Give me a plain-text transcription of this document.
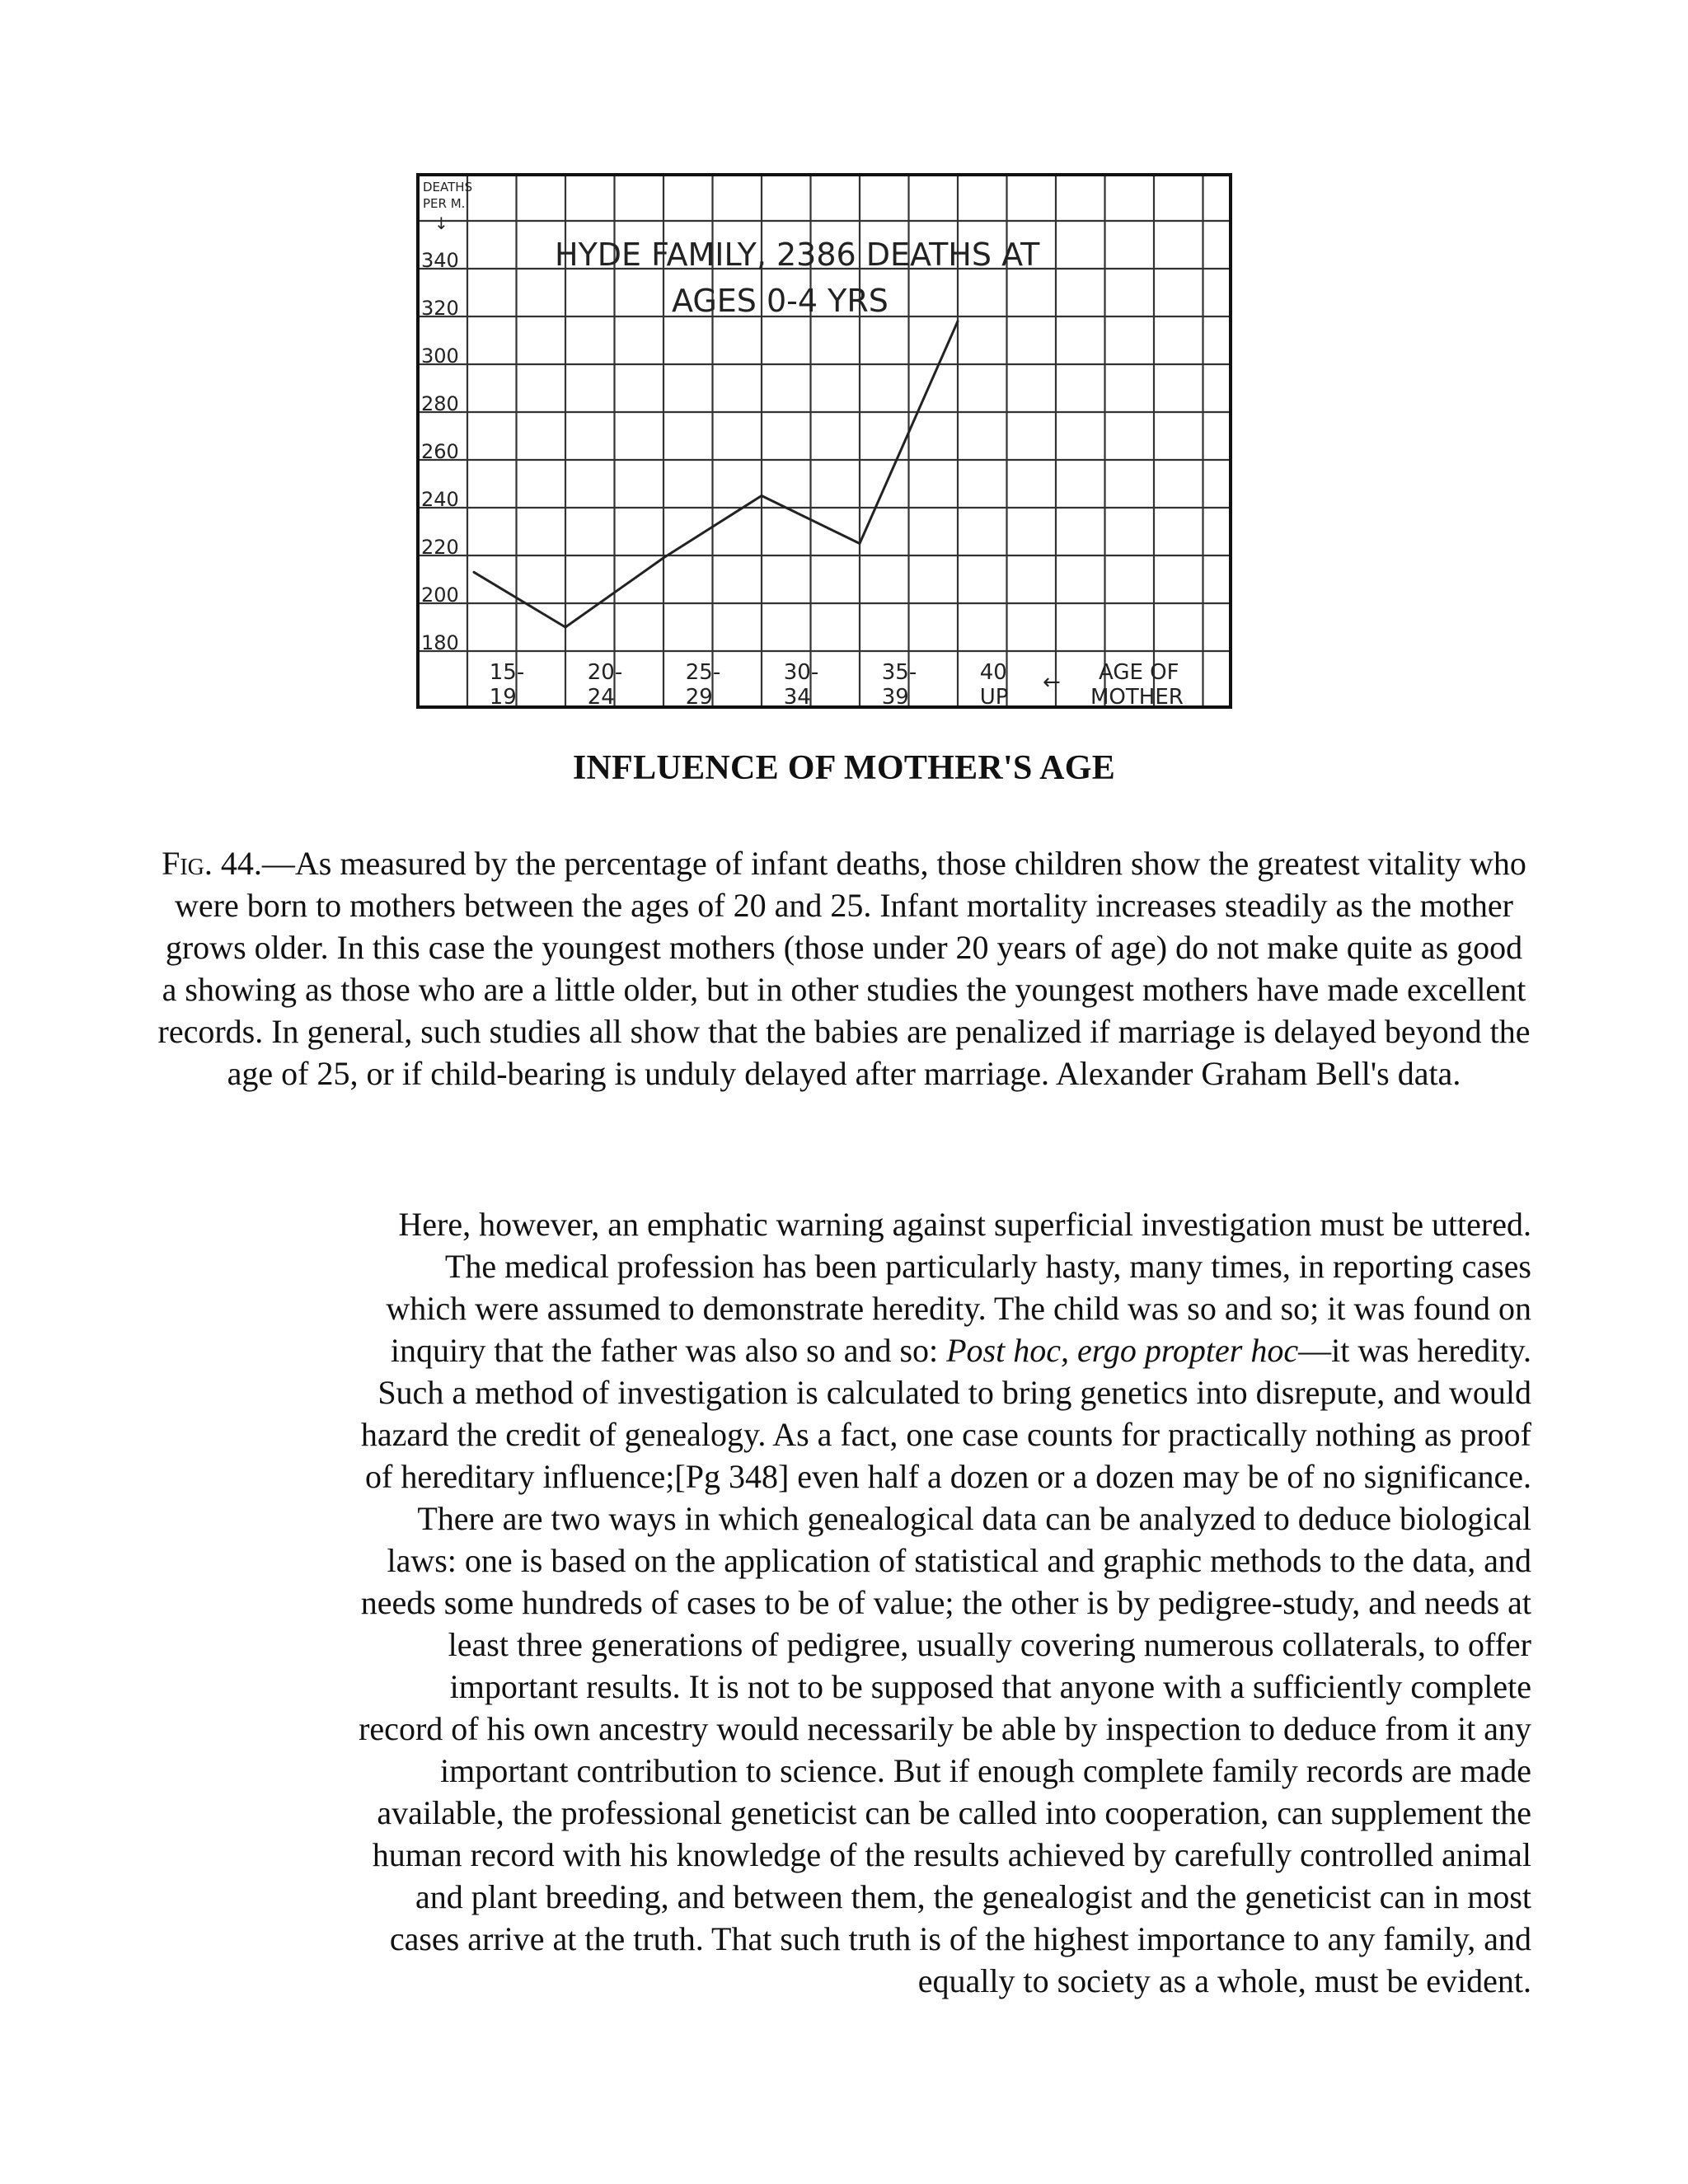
DEATHS
PER M.
↓
HYDE FAMILY, 2386 DEATHS AT
AGES 0-4 YRS
← AGE OF
MOTHER
340
320
300
280
260
240
220
200
180
15-
19
20-
24
25-
29
30-
34
35-
39
40
UP
INFLUENCE OF MOTHER'S AGE

Fig. 44.—As measured by the percentage of infant deaths, those children show the greatest vitality who were born to mothers between the ages of 20 and 25. Infant mortality increases steadily as the mother grows older. In this case the youngest mothers (those under 20 years of age) do not make quite as good a showing as those who are a little older, but in other studies the youngest mothers have made excellent records. In general, such studies all show that the babies are penalized if marriage is delayed beyond the age of 25, or if child-bearing is unduly delayed after marriage. Alexander Graham Bell's data.

Here, however, an emphatic warning against superficial investigation must be uttered.
The medical profession has been particularly hasty, many times, in reporting cases
which were assumed to demonstrate heredity. The child was so and so; it was found on
inquiry that the father was also so and so: Post hoc, ergo propter hoc—it was heredity.
Such a method of investigation is calculated to bring genetics into disrepute, and would
hazard the credit of genealogy. As a fact, one case counts for practically nothing as proof
of hereditary influence;[Pg 348] even half a dozen or a dozen may be of no significance.
There are two ways in which genealogical data can be analyzed to deduce biological
laws: one is based on the application of statistical and graphic methods to the data, and
needs some hundreds of cases to be of value; the other is by pedigree-study, and needs at
least three generations of pedigree, usually covering numerous collaterals, to offer
important results. It is not to be supposed that anyone with a sufficiently complete
record of his own ancestry would necessarily be able by inspection to deduce from it any
important contribution to science. But if enough complete family records are made
available, the professional geneticist can be called into cooperation, can supplement the
human record with his knowledge of the results achieved by carefully controlled animal
and plant breeding, and between them, the genealogist and the geneticist can in most
cases arrive at the truth. That such truth is of the highest importance to any family, and
equally to society as a whole, must be evident.
